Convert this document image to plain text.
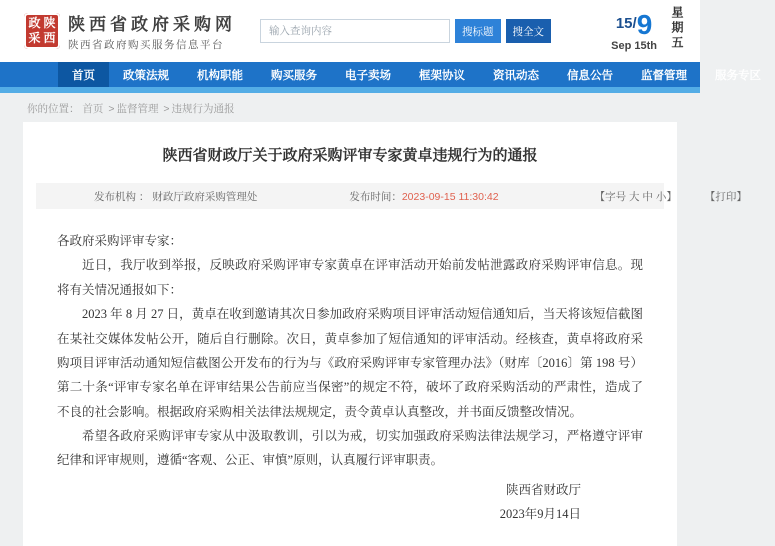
政 陕
采 西
陕西省政府采购网
陕西省政府购买服务信息平台
输入查询内容
搜标题	搜全文	15/9
Sep 15th 星期五
首页	政策法规	机构职能	购买服务	电子卖场	框架协议	资讯动态	信息公告	监督管理	服务专区
你的位置： 首页 > 监督管理 > 违规行为通报
陕西省财政厅关于政府采购评审专家黄卓违规行为的通报
发布机构 ： 财政厅政府采购管理处	发布时间：2023-09-15 11:30:42	【字号 大 中 小】	【打印】

各政府采购评审专家：

近日，我厅收到举报，反映政府采购评审专家黄卓在评审活动开始前发帖泄露政府采购评审信息。现将有关情况通报如下：

2023 年 8 月 27 日，黄卓在收到邀请其次日参加政府采购项目评审活动短信通知后，当天将该短信截图在某社交媒体发帖公开，随后自行删除。次日，黄卓参加了短信通知的评审活动。经核查，黄卓将政府采购项目评审活动通知短信截图公开发布的行为与《政府采购评审专家管理办法》（财库〔2016〕第 198 号） 第二十条“评审专家名单在评审结果公告前应当保密”的规定不符，破坏了政府采购活动的严肃性，造成了不良的社会影响。根据政府采购相关法律法规规定，责令黄卓认真整改，并书面反馈整改情况。

希望各政府采购评审专家从中汲取教训，引以为戒，切实加强政府采购法律法规学习，严格遵守评审纪律和评审规则，遵循“客观、公正、审慎”原则，认真履行评审职责。

陕西省财政厅
2023年9月14日
